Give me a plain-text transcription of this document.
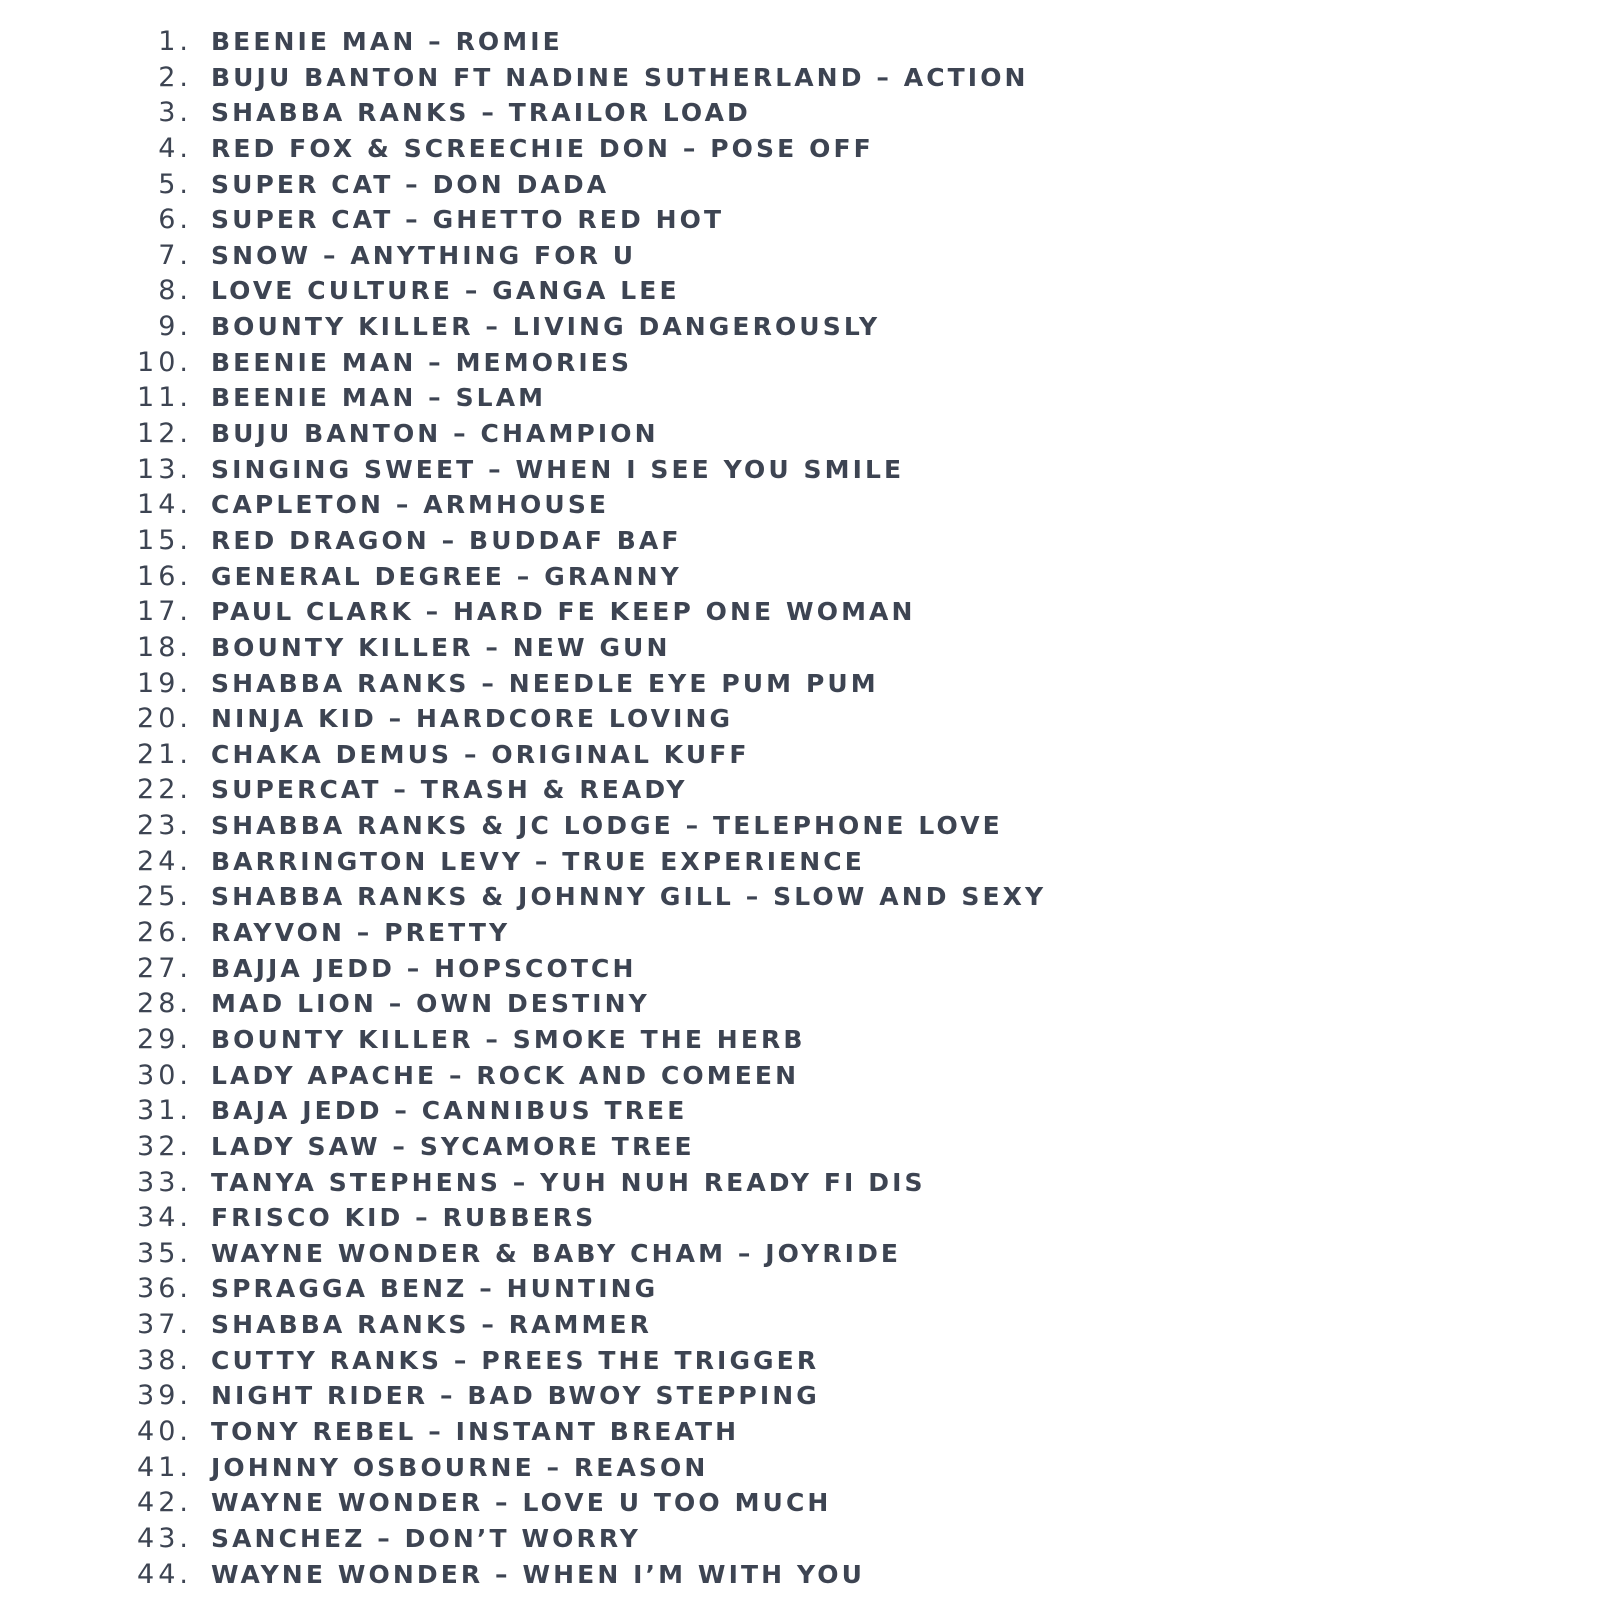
1. BEENIE MAN – ROMIE
2. BUJU BANTON FT NADINE SUTHERLAND – ACTION
3. SHABBA RANKS – TRAILOR LOAD
4. RED FOX & SCREECHIE DON – POSE OFF
5. SUPER CAT – DON DADA
6. SUPER CAT – GHETTO RED HOT
7. SNOW – ANYTHING FOR U
8. LOVE CULTURE – GANGA LEE
9. BOUNTY KILLER – LIVING DANGEROUSLY
10. BEENIE MAN – MEMORIES
11. BEENIE MAN – SLAM
12. BUJU BANTON – CHAMPION
13. SINGING SWEET – WHEN I SEE YOU SMILE
14. CAPLETON – ARMHOUSE
15. RED DRAGON – BUDDAF BAF
16. GENERAL DEGREE – GRANNY
17. PAUL CLARK – HARD FE KEEP ONE WOMAN
18. BOUNTY KILLER – NEW GUN
19. SHABBA RANKS – NEEDLE EYE PUM PUM
20. NINJA KID – HARDCORE LOVING
21. CHAKA DEMUS – ORIGINAL KUFF
22. SUPERCAT – TRASH & READY
23. SHABBA RANKS & JC LODGE – TELEPHONE LOVE
24. BARRINGTON LEVY – TRUE EXPERIENCE
25. SHABBA RANKS & JOHNNY GILL – SLOW AND SEXY
26. RAYVON – PRETTY
27. BAJJA JEDD – HOPSCOTCH
28. MAD LION – OWN DESTINY
29. BOUNTY KILLER – SMOKE THE HERB
30. LADY APACHE – ROCK AND COMEEN
31. BAJA JEDD – CANNIBUS TREE
32. LADY SAW – SYCAMORE TREE
33. TANYA STEPHENS – YUH NUH READY FI DIS
34. FRISCO KID – RUBBERS
35. WAYNE WONDER & BABY CHAM – JOYRIDE
36. SPRAGGA BENZ – HUNTING
37. SHABBA RANKS – RAMMER
38. CUTTY RANKS – PREES THE TRIGGER
39. NIGHT RIDER – BAD BWOY STEPPING
40. TONY REBEL – INSTANT BREATH
41. JOHNNY OSBOURNE – REASON
42. WAYNE WONDER – LOVE U TOO MUCH
43. SANCHEZ – DON’T WORRY
44. WAYNE WONDER – WHEN I’M WITH YOU
